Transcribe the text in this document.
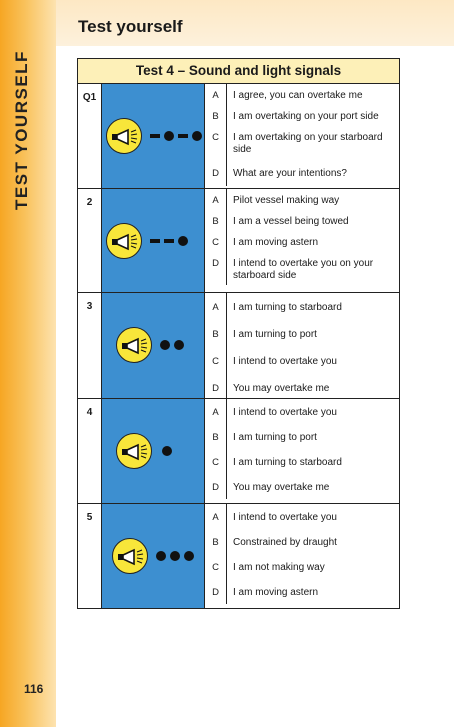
TEST YOURSELF
Test yourself
116
Test 4 – Sound and light signals
Q1	A	I agree, you can overtake me
B	I am overtaking on your port side
C	I am overtaking on your starboard side
D	What are your intentions?
2	A	Pilot vessel making way
B	I am a vessel being towed
C	I am moving astern
D	I intend to overtake you on your starboard side
3	A	I am turning to starboard
B	I am turning to port
C	I intend to overtake you
D	You may overtake me
4	A	I intend to overtake you
B	I am turning to port
C	I am turning to starboard
D	You may overtake me
5	A	I intend to overtake you
B	Constrained by draught
C	I am not making way
D	I am moving astern
